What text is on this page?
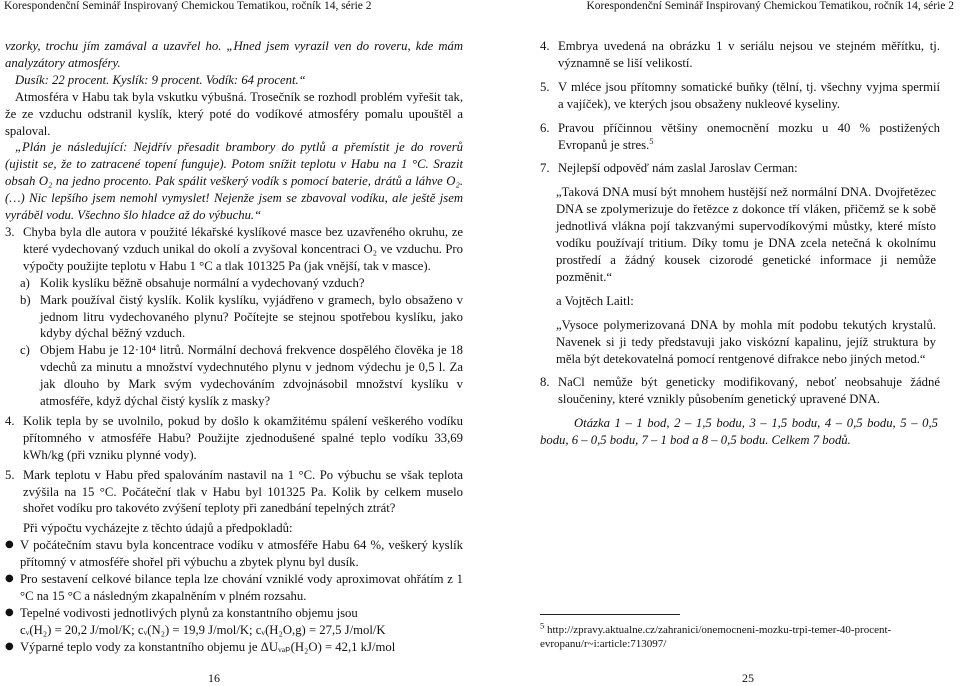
Korespondenční Seminář Inspirovaný Chemickou Tematikou, ročník 14, série 2

vzorky, trochu jím zamával a uzavřel ho. „Hned jsem vyrazil ven do roveru, kde mám analyzátory atmosféry.

Dusík: 22 procent. Kyslík: 9 procent. Vodík: 64 procent.“

Atmosféra v Habu tak byla vskutku výbušná. Trosečník se rozhodl problém vyřešit tak, že ze vzduchu odstranil kyslík, který poté do vodíkové atmosféry pomalu upouštěl a spaloval.

„Plán je následující: Nejdřív přesadit brambory do pytlů a přemístit je do roverů (ujistit se, že to zatracené topení funguje). Potom snížit teplotu v Habu na 1 °C. Srazit obsah O₂ na jedno procento. Pak spálit veškerý vodík s pomocí baterie, drátů a láhve O₂. (…) Nic lepšího jsem nemohl vymyslet! Nejenže jsem se zbavoval vodíku, ale ještě jsem vyráběl vodu. Všechno šlo hladce až do výbuchu.“

3. Chyba byla dle autora v použité lékařské kyslíkové masce bez uzavřeného okruhu, ze které vydechovaný vzduch unikal do okolí a zvyšoval koncentraci O₂ ve vzduchu. Pro výpočty použijte teplotu v Habu 1 °C a tlak 101325 Pa (jak vnější, tak v masce).
a) Kolik kyslíku běžně obsahuje normální a vydechovaný vzduch?
b) Mark používal čistý kyslík. Kolik kyslíku, vyjádřeno v gramech, bylo obsaženo v jednom litru vydechovaného plynu? Počítejte se stejnou spotřebou kyslíku, jako kdyby dýchal běžný vzduch.
c) Objem Habu je 12·10⁴ litrů. Normální dechová frekvence dospělého člověka je 18 vdechů za minutu a množství vydechnutého plynu v jednom výdechu je 0,5 l. Za jak dlouho by Mark svým vydechováním zdvojnásobil množství kyslíku v atmosféře, když dýchal čistý kyslík z masky?
4. Kolik tepla by se uvolnilo, pokud by došlo k okamžitému spálení veškerého vodíku přítomného v atmosféře Habu? Použijte zjednodušené spalné teplo vodíku 33,69 kWh/kg (při vzniku plynné vody).
5. Mark teplotu v Habu před spalováním nastavil na 1 °C. Po výbuchu se však teplota zvýšila na 15 °C. Počáteční tlak v Habu byl 101325 Pa. Kolik by celkem muselo shořet vodíku pro takovéto zvýšení teploty při zanedbání tepelných ztrát?

Při výpočtu vycházejte z těchto údajů a předpokladů:

● V počátečním stavu byla koncentrace vodíku v atmosféře Habu 64 %, veškerý kyslík přítomný v atmosféře shořel při výbuchu a zbytek plynu byl dusík.
● Pro sestavení celkové bilance tepla lze chování vzniklé vody aproximovat ohřátím z 1 °C na 15 °C a následným zkapalněním v plném rozsahu.
● Tepelné vodivosti jednotlivých plynů za konstantního objemu jsou
cᵥ(H₂) = 20,2 J/mol/K; cᵥ(N₂) = 19,9 J/mol/K; cᵥ(H₂O,g) = 27,5 J/mol/K
● Výparné teplo vody za konstantního objemu je ΔUᵥₐₚ(H₂O) = 42,1 kJ/mol
16
Korespondenční Seminář Inspirovaný Chemickou Tematikou, ročník 14, série 2
4. Embrya uvedená na obrázku 1 v seriálu nejsou ve stejném měřítku, tj. významně se liší velikostí.
5. V mléce jsou přítomny somatické buňky (tělní, tj. všechny vyjma spermií a vajíček), ve kterých jsou obsaženy nukleové kyseliny.
6. Pravou příčinnou většiny onemocnění mozku u 40 % postižených Evropanů je stres.$^5$
7. Nejlepší odpověď nám zaslal Jaroslav Cerman:

„Taková DNA musí být mnohem hustější než normální DNA. Dvojřetězec DNA se zpolymerizuje do řetězce z dokonce tří vláken, přičemž se k sobě jednotlivá vlákna pojí takzvanými supervodíkovými můstky, které místo vodíku používají tritium. Díky tomu je DNA zcela netečná k okolnímu prostředí a žádný kousek cizorodé genetické informace ji nemůže pozměnit.“

a Vojtěch Laitl:

„Vysoce polymerizovaná DNA by mohla mít podobu tekutých krystalů. Navenek si ji tedy představuji jako viskózní kapalinu, jejíž struktura by měla být detekovatelná pomocí rentgenové difrakce nebo jiných metod.“

8. NaCl nemůže být geneticky modifikovaný, neboť neobsahuje žádné sloučeniny, které vznikly působením genetický upravené DNA.

Otázka 1 – 1 bod, 2 – 1,5 bodu, 3 – 1,5 bodu, 4 – 0,5 bodu, 5 – 0,5 bodu, 6 – 0,5 bodu, 7 – 1 bod a 8 – 0,5 bodu. Celkem 7 bodů.

25
$^5$ http://zpravy.aktualne.cz/zahranici/onemocneni-mozku-trpi-temer-40-procent-evropanu/r~i:article:713097/
